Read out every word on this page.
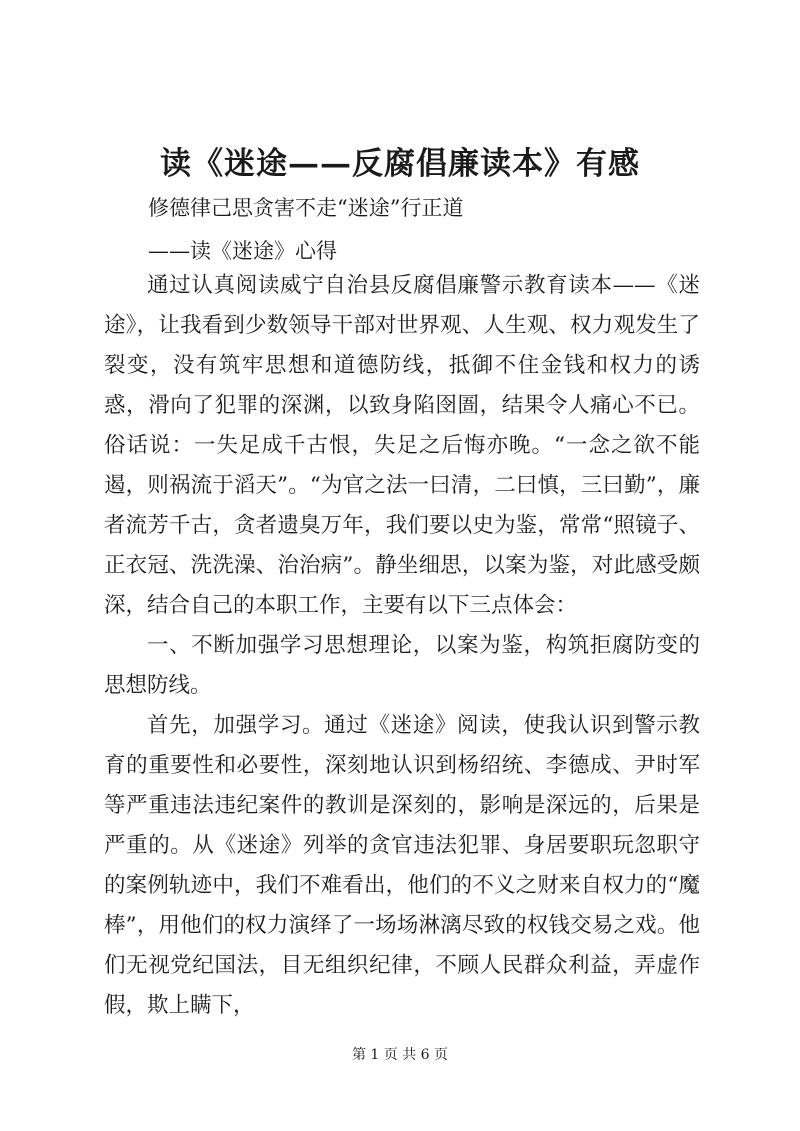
读《迷途——反腐倡廉读本》有感

修德律己思贪害不走“迷途”行正道

——读《迷途》心得

通过认真阅读威宁自治县反腐倡廉警示教育读本——《迷途》，让我看到少数领导干部对世界观、人生观、权力观发生了裂变，没有筑牢思想和道德防线，抵御不住金钱和权力的诱惑，滑向了犯罪的深渊，以致身陷囹圄，结果令人痛心不已。俗话说：一失足成千古恨，失足之后悔亦晚。“一念之欲不能遏，则祸流于滔天”。“为官之法一曰清，二曰慎，三曰勤”，廉者流芳千古，贪者遗臭万年，我们要以史为鉴，常常“照镜子、正衣冠、洗洗澡、治治病”。静坐细思，以案为鉴，对此感受颇深，结合自己的本职工作，主要有以下三点体会：

一、不断加强学习思想理论，以案为鉴，构筑拒腐防变的思想防线。

首先，加强学习。通过《迷途》阅读，使我认识到警示教育的重要性和必要性，深刻地认识到杨绍统、李德成、尹时军等严重违法违纪案件的教训是深刻的，影响是深远的，后果是严重的。从《迷途》列举的贪官违法犯罪、身居要职玩忽职守的案例轨迹中，我们不难看出，他们的不义之财来自权力的“魔棒”，用他们的权力演绎了一场场淋漓尽致的权钱交易之戏。他们无视党纪国法，目无组织纪律，不顾人民群众利益，弄虚作假，欺上瞒下，

第 1 页 共 6 页
